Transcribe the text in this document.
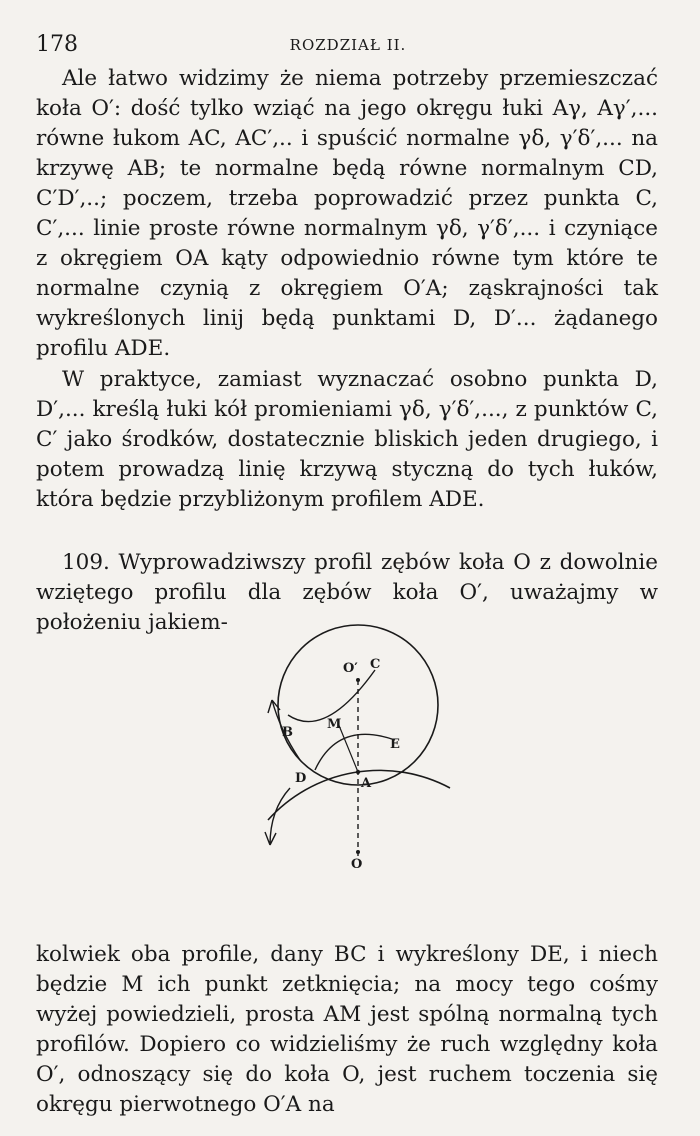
178	ROZDZIAŁ II.

Ale łatwo widzimy że niema potrzeby przemieszczać koła O′: dość tylko wziąć na jego okręgu łuki Aγ, Aγ′,... równe łukom AC, AC′,.. i spuścić normalne γδ, γ′δ′,... na krzywę AB; te normalne będą równe normalnym CD, C′D′,..; poczem, trzeba poprowadzić przez punkta C, C′,... linie proste równe normalnym γδ, γ′δ′,... i czyniące z okręgiem OA kąty odpowiednio równe tym które te normalne czynią z okręgiem O′A; ząskrajności tak wykreślonych linij będą punktami D, D′... żądanego profilu ADE.

W praktyce, zamiast wyznaczać osobno punkta D, D′,... kreślą łuki kół promieniami γδ, γ′δ′,..., z punktów C, C′ jako środków, dostatecznie bliskich jeden drugiego, i potem prowadzą linię krzywą styczną do tych łuków, która będzie przybliżonym profilem ADE.

109. Wyprowadziwszy profil zębów koła O z dowolnie wziętego profilu dla zębów koła O′, uważajmy w położeniu jakiem-

O′ C
B
M
E
D	A
O

kolwiek oba profile, dany BC i wykreślony DE, i niech będzie M ich punkt zetknięcia; na mocy tego cośmy wyżej powiedzieli, prosta AM jest spólną normalną tych profilów. Dopiero co widzieliśmy że ruch względny koła O′, odnoszący się do koła O, jest ruchem toczenia się okręgu pierwotnego O′A na
